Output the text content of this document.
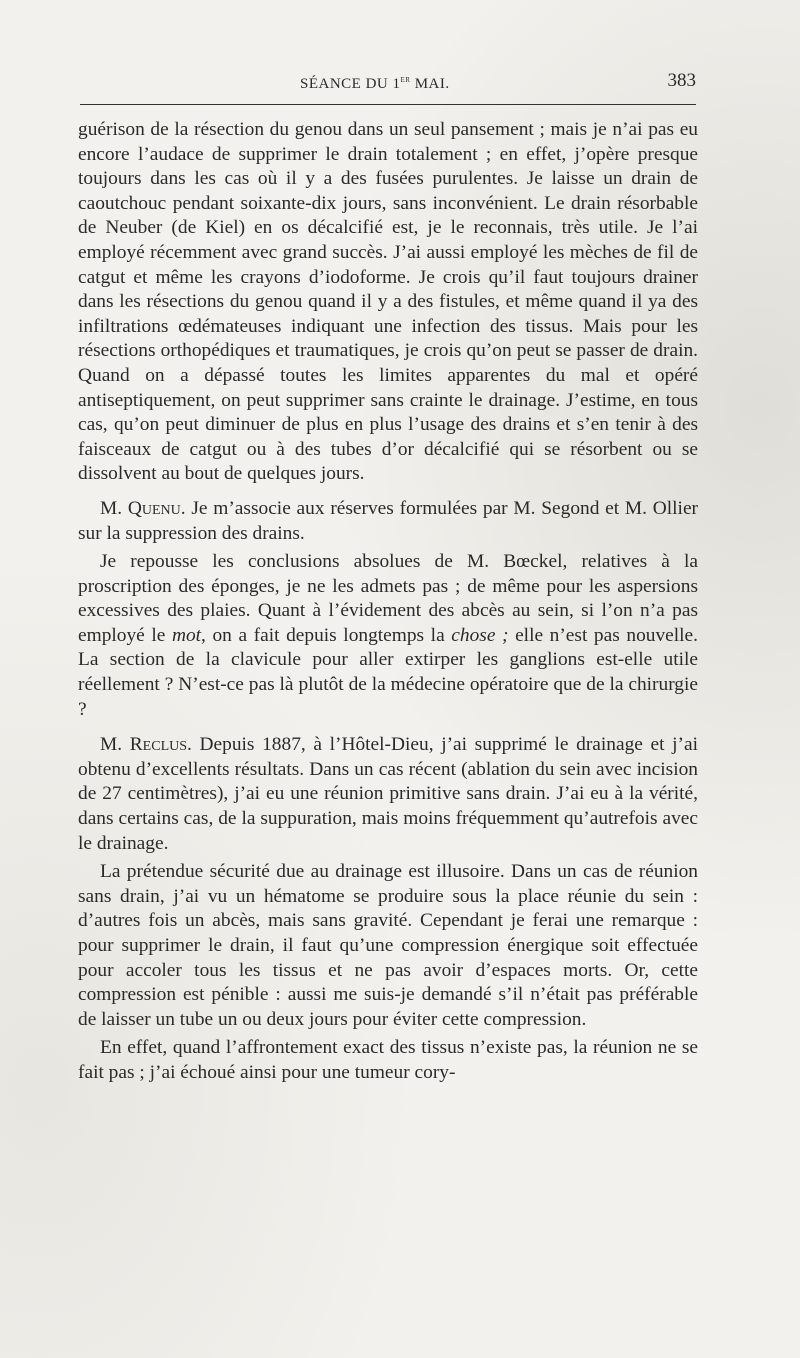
SÉANCE DU 1er MAI.	383

guérison de la résection du genou dans un seul pansement ; mais je n’ai pas eu encore l’audace de supprimer le drain totalement ; en effet, j’opère presque toujours dans les cas où il y a des fusées purulentes. Je laisse un drain de caoutchouc pendant soixante-dix jours, sans inconvénient. Le drain résorbable de Neuber (de Kiel) en os décalcifié est, je le reconnais, très utile. Je l’ai employé récemment avec grand succès. J’ai aussi employé les mèches de fil de catgut et même les crayons d’iodoforme. Je crois qu’il faut toujours drainer dans les résections du genou quand il y a des fistules, et même quand il ya des infiltrations œdémateuses indiquant une infection des tissus. Mais pour les résections orthopédiques et traumatiques, je crois qu’on peut se passer de drain. Quand on a dépassé toutes les limites apparentes du mal et opéré antiseptiquement, on peut supprimer sans crainte le drainage. J’estime, en tous cas, qu’on peut diminuer de plus en plus l’usage des drains et s’en tenir à des faisceaux de catgut ou à des tubes d’or décalcifié qui se résorbent ou se dissolvent au bout de quelques jours.

M. Quenu. Je m’associe aux réserves formulées par M. Segond et M. Ollier sur la suppression des drains.

Je repousse les conclusions absolues de M. Bœckel, relatives à la proscription des éponges, je ne les admets pas ; de même pour les aspersions excessives des plaies. Quant à l’évidement des abcès au sein, si l’on n’a pas employé le mot, on a fait depuis longtemps la chose ; elle n’est pas nouvelle. La section de la clavicule pour aller extirper les ganglions est-elle utile réellement ? N’est-ce pas là plutôt de la médecine opératoire que de la chirurgie ?

M. Reclus. Depuis 1887, à l’Hôtel-Dieu, j’ai supprimé le drainage et j’ai obtenu d’excellents résultats. Dans un cas récent (ablation du sein avec incision de 27 centimètres), j’ai eu une réunion primitive sans drain. J’ai eu à la vérité, dans certains cas, de la suppuration, mais moins fréquemment qu’autrefois avec le drainage.

La prétendue sécurité due au drainage est illusoire. Dans un cas de réunion sans drain, j’ai vu un hématome se produire sous la place réunie du sein : d’autres fois un abcès, mais sans gravité. Cependant je ferai une remarque : pour supprimer le drain, il faut qu’une compression énergique soit effectuée pour accoler tous les tissus et ne pas avoir d’espaces morts. Or, cette compression est pénible : aussi me suis-je demandé s’il n’était pas préférable de laisser un tube un ou deux jours pour éviter cette compression.

En effet, quand l’affrontement exact des tissus n’existe pas, la réunion ne se fait pas ; j’ai échoué ainsi pour une tumeur cory-
